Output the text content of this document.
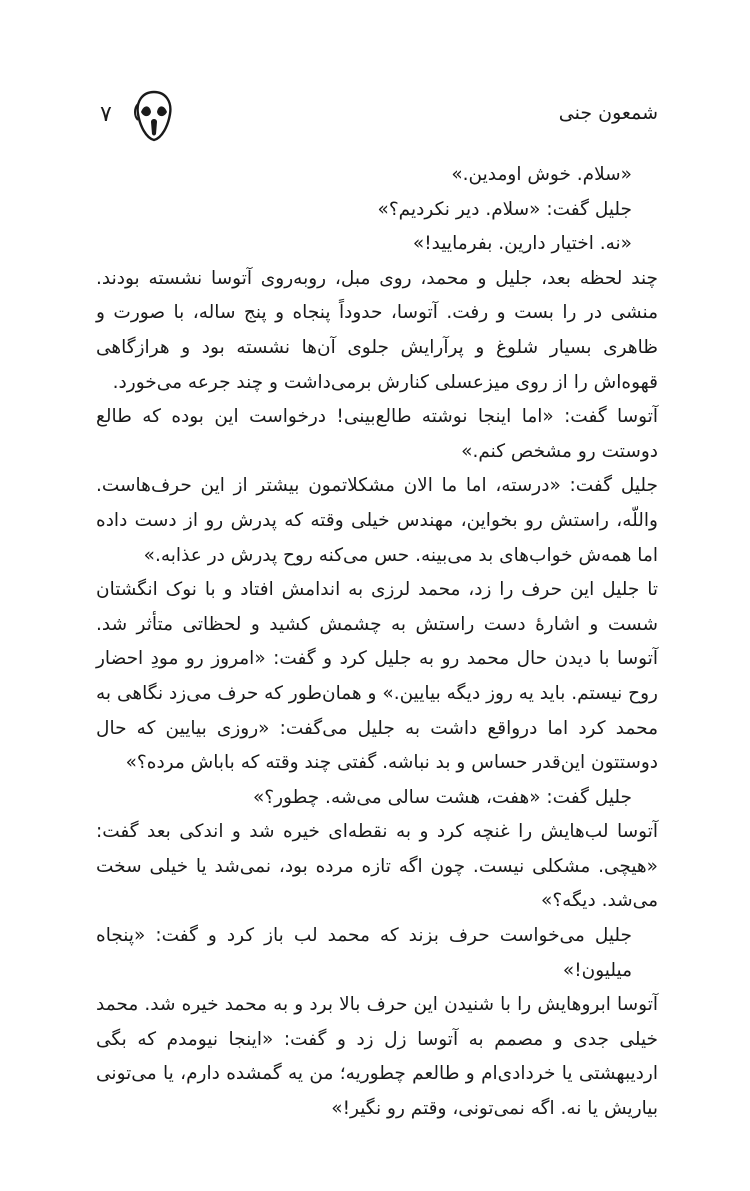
۷	شمعون جنی

«سلام. خوش اومدین.»

جلیل گفت: «سلام. دیر نکردیم؟»

«نه. اختیار دارین. بفرمایید!»

چند لحظه بعد، جلیل و محمد، روی مبل، روبه‌روی آتوسا نشسته بودند. منشی در را بست و رفت. آتوسا، حدوداً پنجاه و پنج ساله، با صورت و ظاهری بسیار شلوغ و پرآرایش جلوی آن‌ها نشسته بود و هرازگاهی قهوه‌اش را از روی میزعسلی کنارش برمی‌داشت و چند جرعه می‌خورد.

آتوسا گفت: «اما اینجا نوشته طالع‌بینی! درخواست این بوده که طالع دوستت رو مشخص کنم.»

جلیل گفت: «درسته، اما ما الان مشکلاتمون بیشتر از این حرف‌هاست. واللّه، راستش رو بخواین، مهندس خیلی وقته که پدرش رو از دست داده اما همه‌ش خواب‌های بد می‌بینه. حس می‌کنه روح پدرش در عذابه.»

تا جلیل این حرف را زد، محمد لرزی به اندامش افتاد و با نوک انگشتان شست و اشارهٔ دست راستش به چشمش کشید و لحظاتی متأثر شد. آتوسا با دیدن حال محمد رو به جلیل کرد و گفت: «امروز رو مودِ احضار روح نیستم. باید یه روز دیگه بیایین.» و همان‌طور که حرف می‌زد نگاهی به محمد کرد اما درواقع داشت به جلیل می‌گفت: «روزی بیایین که حال دوستتون این‌قدر حساس و بد نباشه. گفتی چند وقته که باباش مرده؟»

جلیل گفت: «هفت، هشت سالی می‌شه. چطور؟»

آتوسا لب‌هایش را غنچه کرد و به نقطه‌ای خیره شد و اندکی بعد گفت: «هیچی. مشکلی نیست. چون اگه تازه مرده بود، نمی‌شد یا خیلی سخت می‌شد. دیگه؟»

جلیل می‌خواست حرف بزند که محمد لب باز کرد و گفت: «پنجاه میلیون!»

آتوسا ابروهایش را با شنیدن این حرف بالا برد و به محمد خیره شد. محمد خیلی جدی و مصمم به آتوسا زل زد و گفت: «اینجا نیومدم که بگی اردیبهشتی یا خردادی‌ام و طالعم چطوریه؛ من یه گمشده دارم، یا می‌تونی بیاریش یا نه. اگه نمی‌تونی، وقتم رو نگیر!»
